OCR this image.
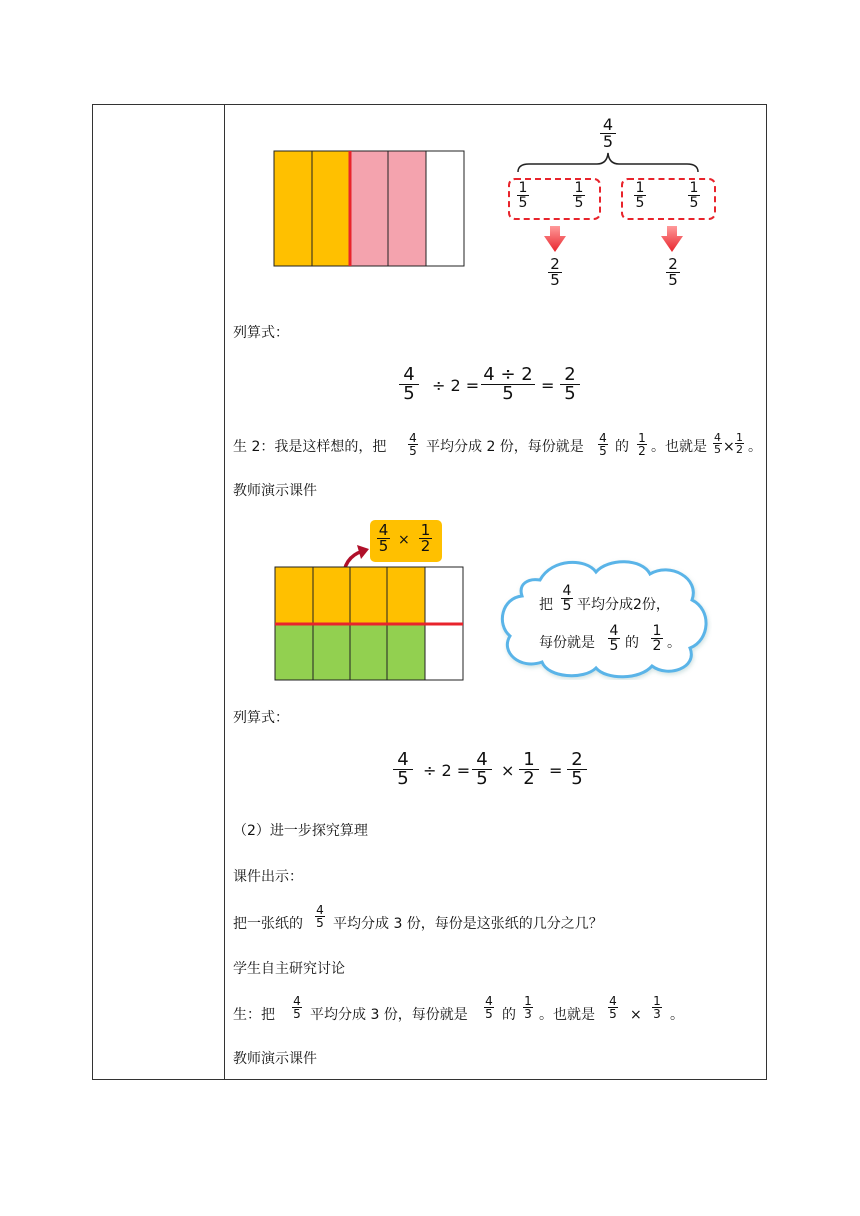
4
5
1
5
1
5
1
5
1
5
2
5
2
5
列算式：
4
5 ÷ 2 =
4 ÷ 2
5 =
2
5
生 2：我是这样想的，把
4
5 平均分成 2 份，每份就是
4
5 的
1
2 。也就是
4
5 ×
1
2 。
教师演示课件
4
5 ×
1
2
把
4
5 平均分成2份，
每份就是
4
5 的
1
2 。
列算式：
4
5 ÷ 2 =
4
5 ×
1
2 =
2
5
（2）进一步探究算理
课件出示：
把一张纸的
4
5 平均分成 3 份，每份是这张纸的几分之几？
学生自主研究讨论
生：把
4
5 平均分成 3 份，每份就是
4
5 的
1
3 。也就是
4
5 ×
1
3 。
教师演示课件
